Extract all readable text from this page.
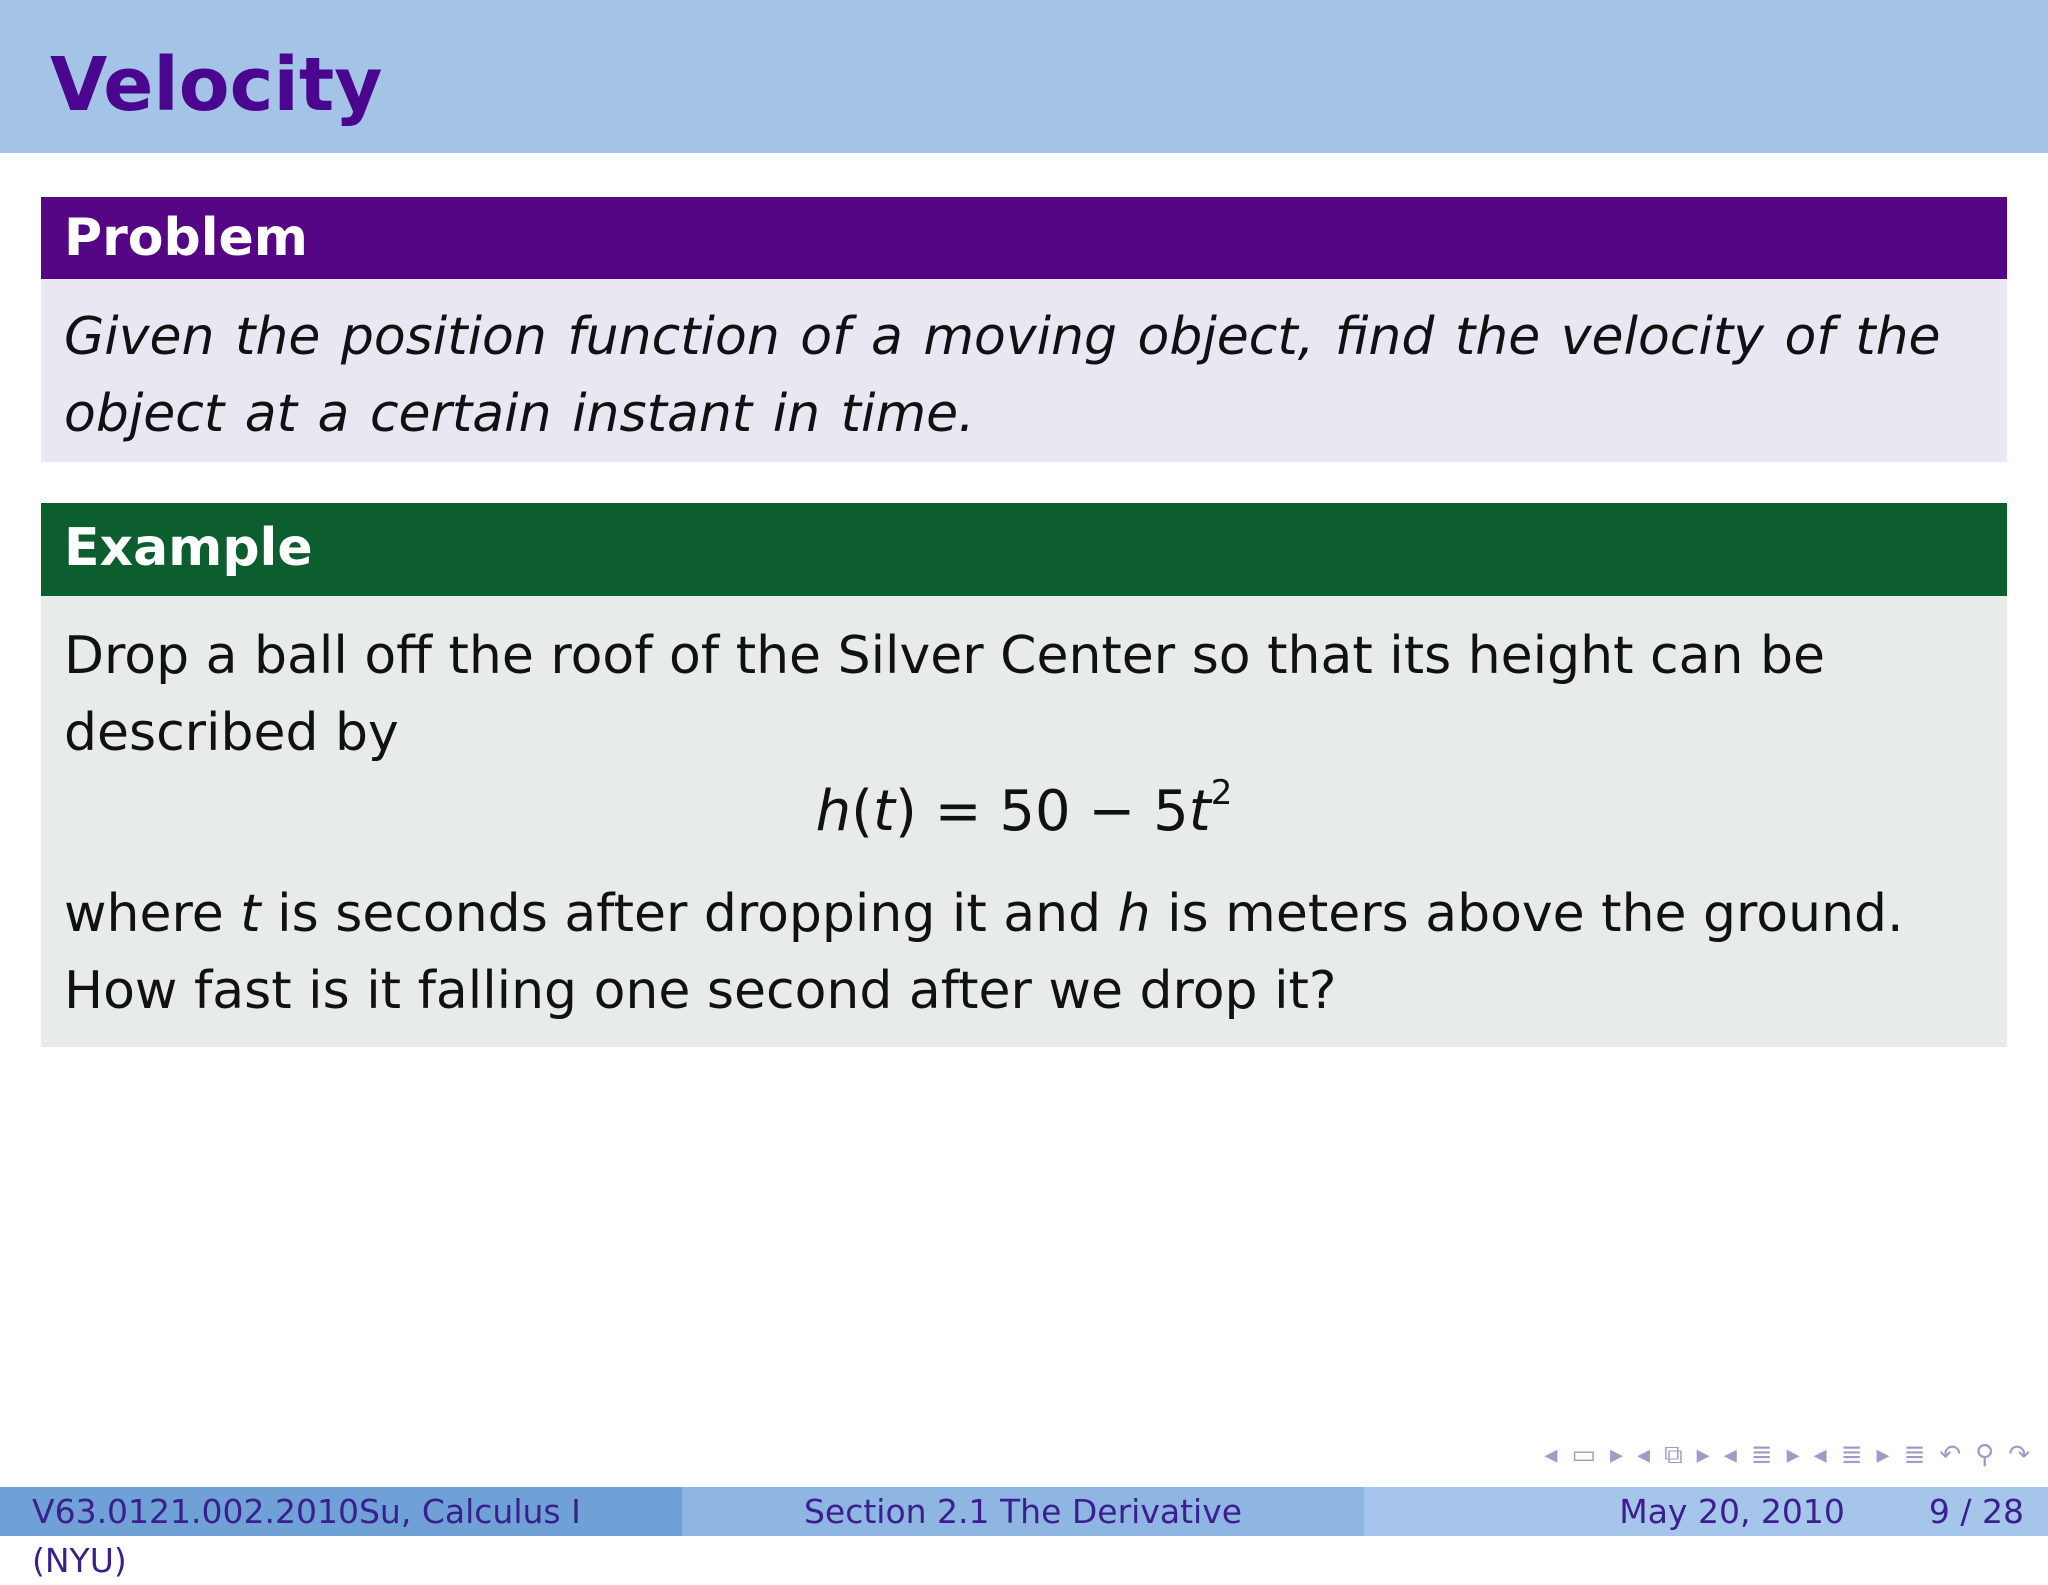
Velocity
Problem
Given the position function of a moving object, find the velocity of the object at a certain instant in time.
Example
Drop a ball off the roof of the Silver Center so that its height can be described by
$h(t) = 50 - 5t^2$
where t is seconds after dropping it and h is meters above the ground.
How fast is it falling one second after we drop it?
◂ ▭ ▸ ◂ ⧉ ▸ ◂ ≣ ▸ ◂ ≣ ▸ ≣ ↶ ⚲ ↷
V63.0121.002.2010Su, Calculus I (NYU)
Section 2.1 The Derivative	May 20, 2010	9 / 28
